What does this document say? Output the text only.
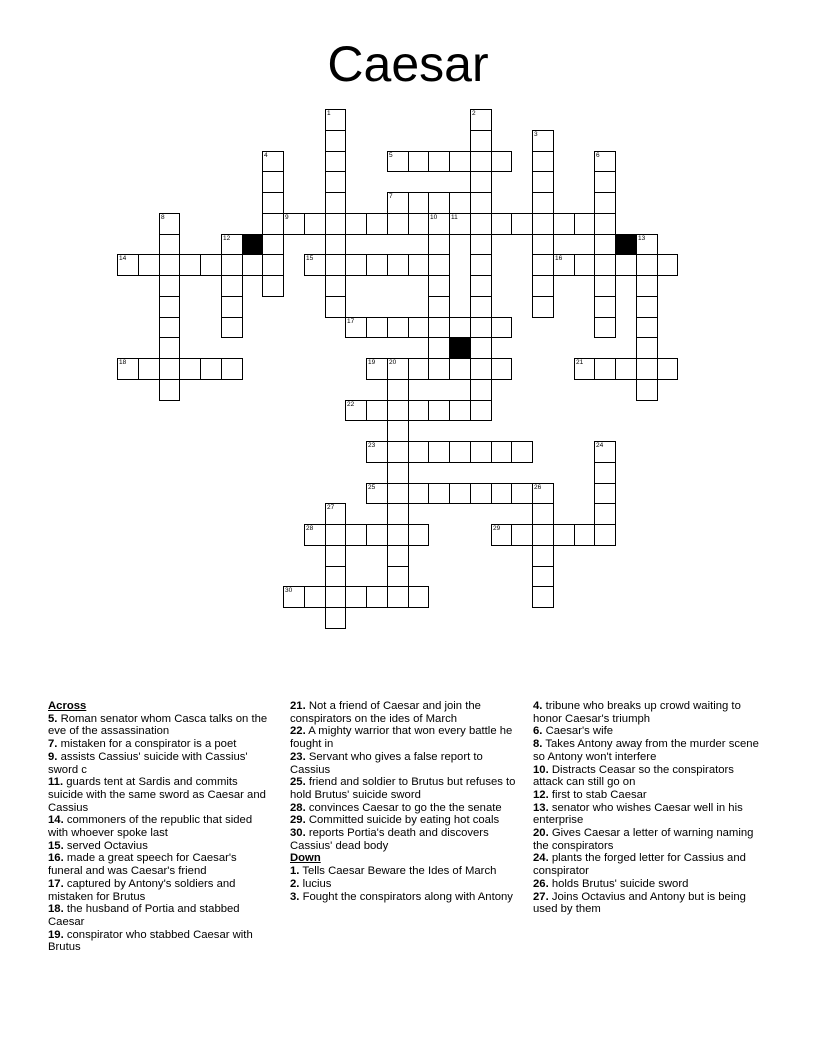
Caesar
5
7
9	10 11
14	15	16
17
18	19 20	21
22
23
25	26
28	29
30
1	2
3
4	6
8
12	13
24
27
Across
5. Roman senator whom Casca talks on the eve of the assassination
7. mistaken for a conspirator is a poet
9. assists Cassius' suicide with Cassius' sword c
11. guards tent at Sardis and commits suicide with the same sword as Caesar and Cassius
14. commoners of the republic that sided with whoever spoke last
15. served Octavius
16. made a great speech for Caesar's funeral and was Caesar's friend
17. captured by Antony's soldiers and mistaken for Brutus
18. the husband of Portia and stabbed Caesar
19. conspirator who stabbed Caesar with Brutus
21. Not a friend of Caesar and join the conspirators on the ides of March
22. A mighty warrior that won every battle he fought in
23. Servant who gives a false report to Cassius
25. friend and soldier to Brutus but refuses to hold Brutus' suicide sword
28. convinces Caesar to go the the senate
29. Committed suicide by eating hot coals
30. reports Portia's death and discovers Cassius' dead body
Down
1. Tells Caesar Beware the Ides of March
2. lucius
3. Fought the conspirators along with Antony
4. tribune who breaks up crowd waiting to honor Caesar's triumph
6. Caesar's wife
8. Takes Antony away from the murder scene so Antony won't interfere
10. Distracts Ceasar so the conspirators attack can still go on
12. first to stab Caesar
13. senator who wishes Caesar well in his enterprise
20. Gives Caesar a letter of warning naming the conspirators
24. plants the forged letter for Cassius and conspirator
26. holds Brutus' suicide sword
27. Joins Octavius and Antony but is being used by them
